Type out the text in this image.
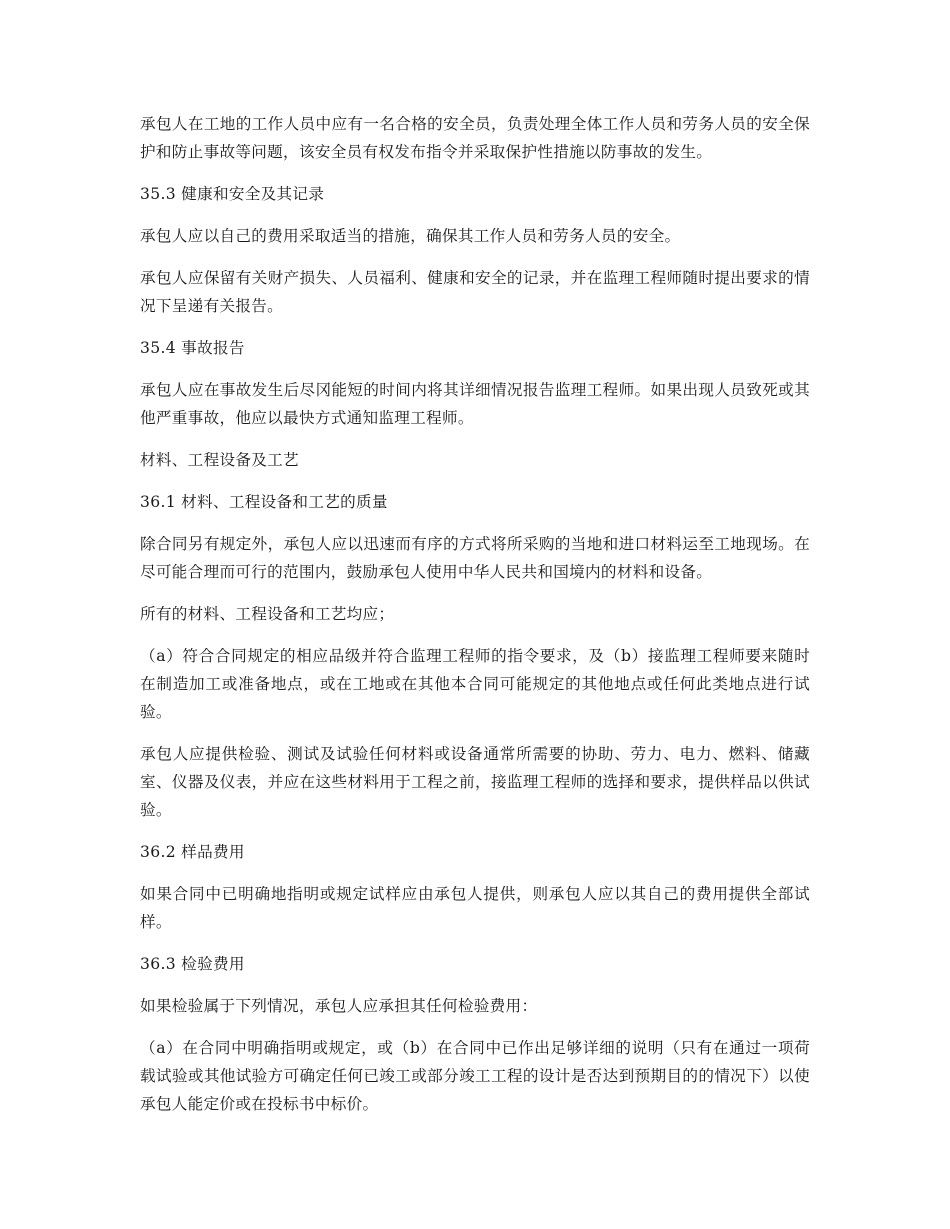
承包人在工地的工作人员中应有一名合格的安全员，负责处理全体工作人员和劳务人员的安全保护和防止事故等问题，该安全员有权发布指令并采取保护性措施以防事故的发生。

35.3 健康和安全及其记录

承包人应以自己的费用采取适当的措施，确保其工作人员和劳务人员的安全。

承包人应保留有关财产损失、人员福利、健康和安全的记录，并在监理工程师随时提出要求的情况下呈递有关报告。

35.4 事故报告

承包人应在事故发生后尽冈能短的时间内将其详细情况报告监理工程师。如果出现人员致死或其他严重事故，他应以最快方式通知监理工程师。

材料、工程设备及工艺

36.1 材料、工程设备和工艺的质量

除合同另有规定外，承包人应以迅速而有序的方式将所采购的当地和进口材料运至工地现场。在尽可能合理而可行的范围内，鼓励承包人使用中华人民共和国境内的材料和设备。

所有的材料、工程设备和工艺均应；

（a）符合合同规定的相应品级并符合监理工程师的指令要求，及（b）接监理工程师要来随时在制造加工或准备地点，或在工地或在其他本合同可能规定的其他地点或任何此类地点进行试验。

承包人应提供检验、测试及试验任何材料或设备通常所需要的协助、劳力、电力、燃料、储藏室、仪器及仪表，并应在这些材料用于工程之前，接监理工程师的选择和要求，提供样品以供试验。

36.2 样品费用

如果合同中已明确地指明或规定试样应由承包人提供，则承包人应以其自己的费用提供全部试样。

36.3 检验费用

如果检验属于下列情况，承包人应承担其任何检验费用：

（a）在合同中明确指明或规定，或（b）在合同中已作出足够详细的说明（只有在通过一项荷载试验或其他试验方可确定任何已竣工或部分竣工工程的设计是否达到预期目的的情况下）以使承包人能定价或在投标书中标价。
